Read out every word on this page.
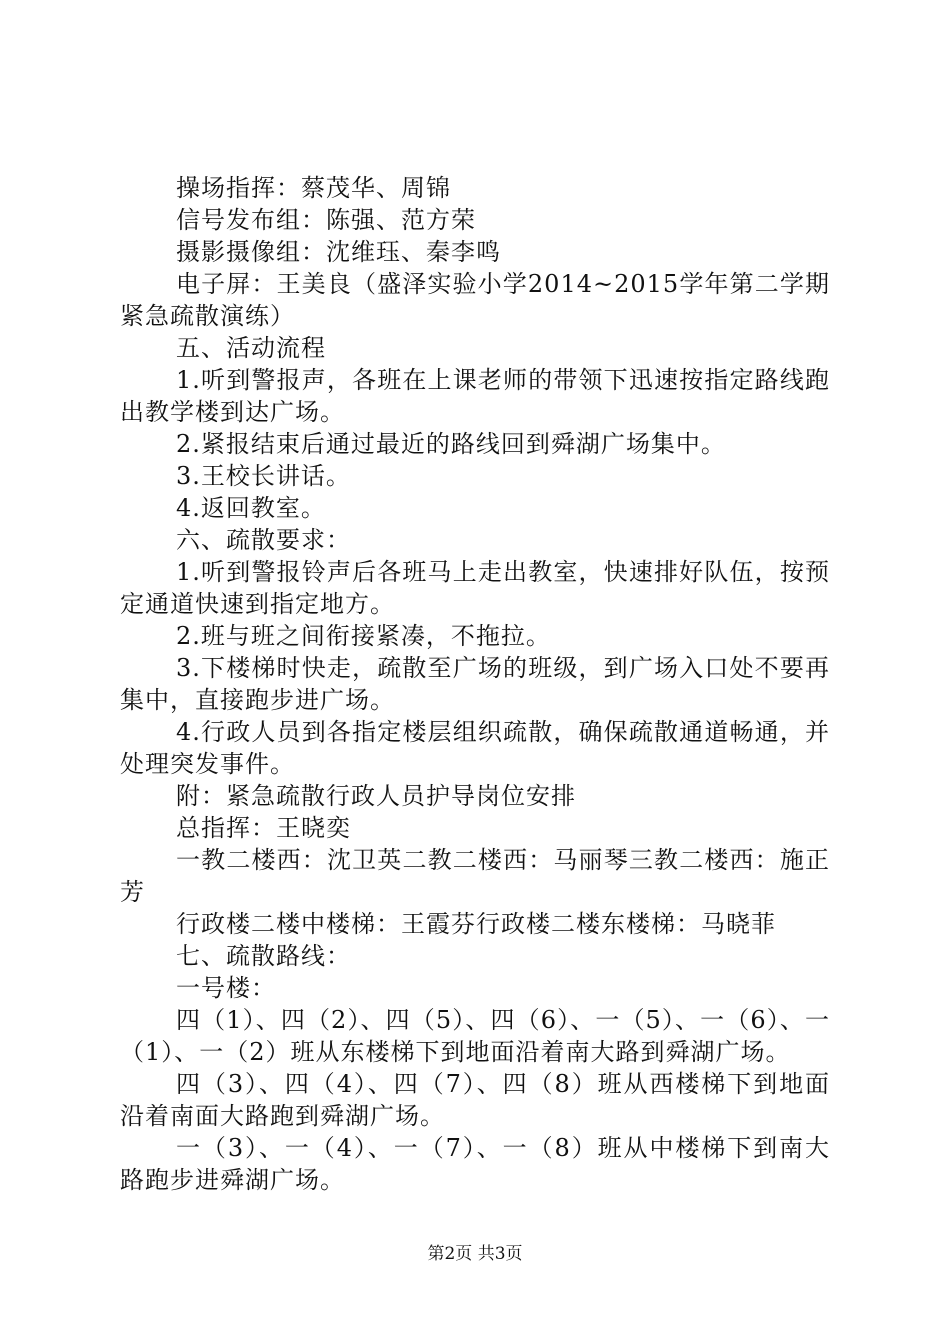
操场指挥：蔡茂华、周锦

信号发布组：陈强、范方荣

摄影摄像组：沈维珏、秦李鸣

电子屏：王美良（盛泽实验小学2014~2015学年第二学期紧急疏散演练）

五、活动流程

1.听到警报声，各班在上课老师的带领下迅速按指定路线跑出教学楼到达广场。

2.紧报结束后通过最近的路线回到舜湖广场集中。

3.王校长讲话。

4.返回教室。

六、疏散要求：

1.听到警报铃声后各班马上走出教室，快速排好队伍，按预定通道快速到指定地方。

2.班与班之间衔接紧凑，不拖拉。

3.下楼梯时快走，疏散至广场的班级，到广场入口处不要再集中，直接跑步进广场。

4.行政人员到各指定楼层组织疏散，确保疏散通道畅通，并处理突发事件。

附：紧急疏散行政人员护导岗位安排

总指挥：王晓奕

一教二楼西：沈卫英二教二楼西：马丽琴三教二楼西：施正芳

行政楼二楼中楼梯：王霞芬行政楼二楼东楼梯：马晓菲

七、疏散路线：

一号楼：

四（1）、四（2）、四（5）、四（6）、一（5）、一（6）、一（1）、一（2）班从东楼梯下到地面沿着南大路到舜湖广场。

四（3）、四（4）、四（7）、四（8）班从西楼梯下到地面沿着南面大路跑到舜湖广场。

一（3）、一（4）、一（7）、一（8）班从中楼梯下到南大路跑步进舜湖广场。

第2页 共3页
